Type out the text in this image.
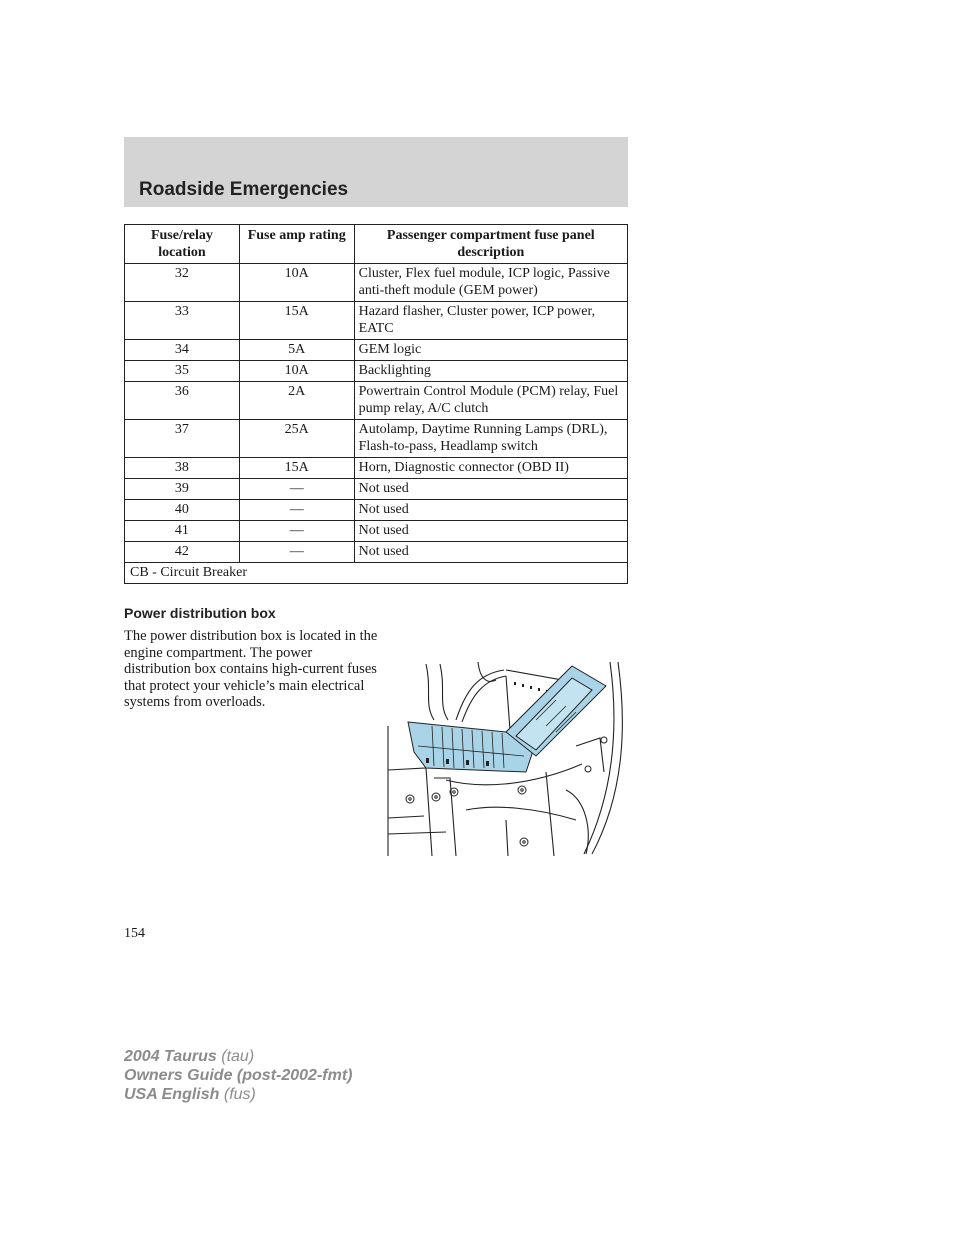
Roadside Emergencies
Fuse/relay location	Fuse amp rating	Passenger compartment fuse panel description
32	10A	Cluster, Flex fuel module, ICP logic, Passive anti-theft module (GEM power)
33	15A	Hazard flasher, Cluster power, ICP power, EATC
34	5A	GEM logic
35	10A	Backlighting
36	2A	Powertrain Control Module (PCM) relay, Fuel pump relay, A/C clutch
37	25A	Autolamp, Daytime Running Lamps (DRL), Flash-to-pass, Headlamp switch
38	15A	Horn, Diagnostic connector (OBD II)
39	—	Not used
40	—	Not used
41	—	Not used
42	—	Not used
CB - Circuit Breaker		
Power distribution box

The power distribution box is located in the engine compartment. The power distribution box contains high-current fuses that protect your vehicle’s main electrical systems from overloads.

154
2004 Taurus (tau)
Owners Guide (post-2002-fmt)
USA English (fus)
